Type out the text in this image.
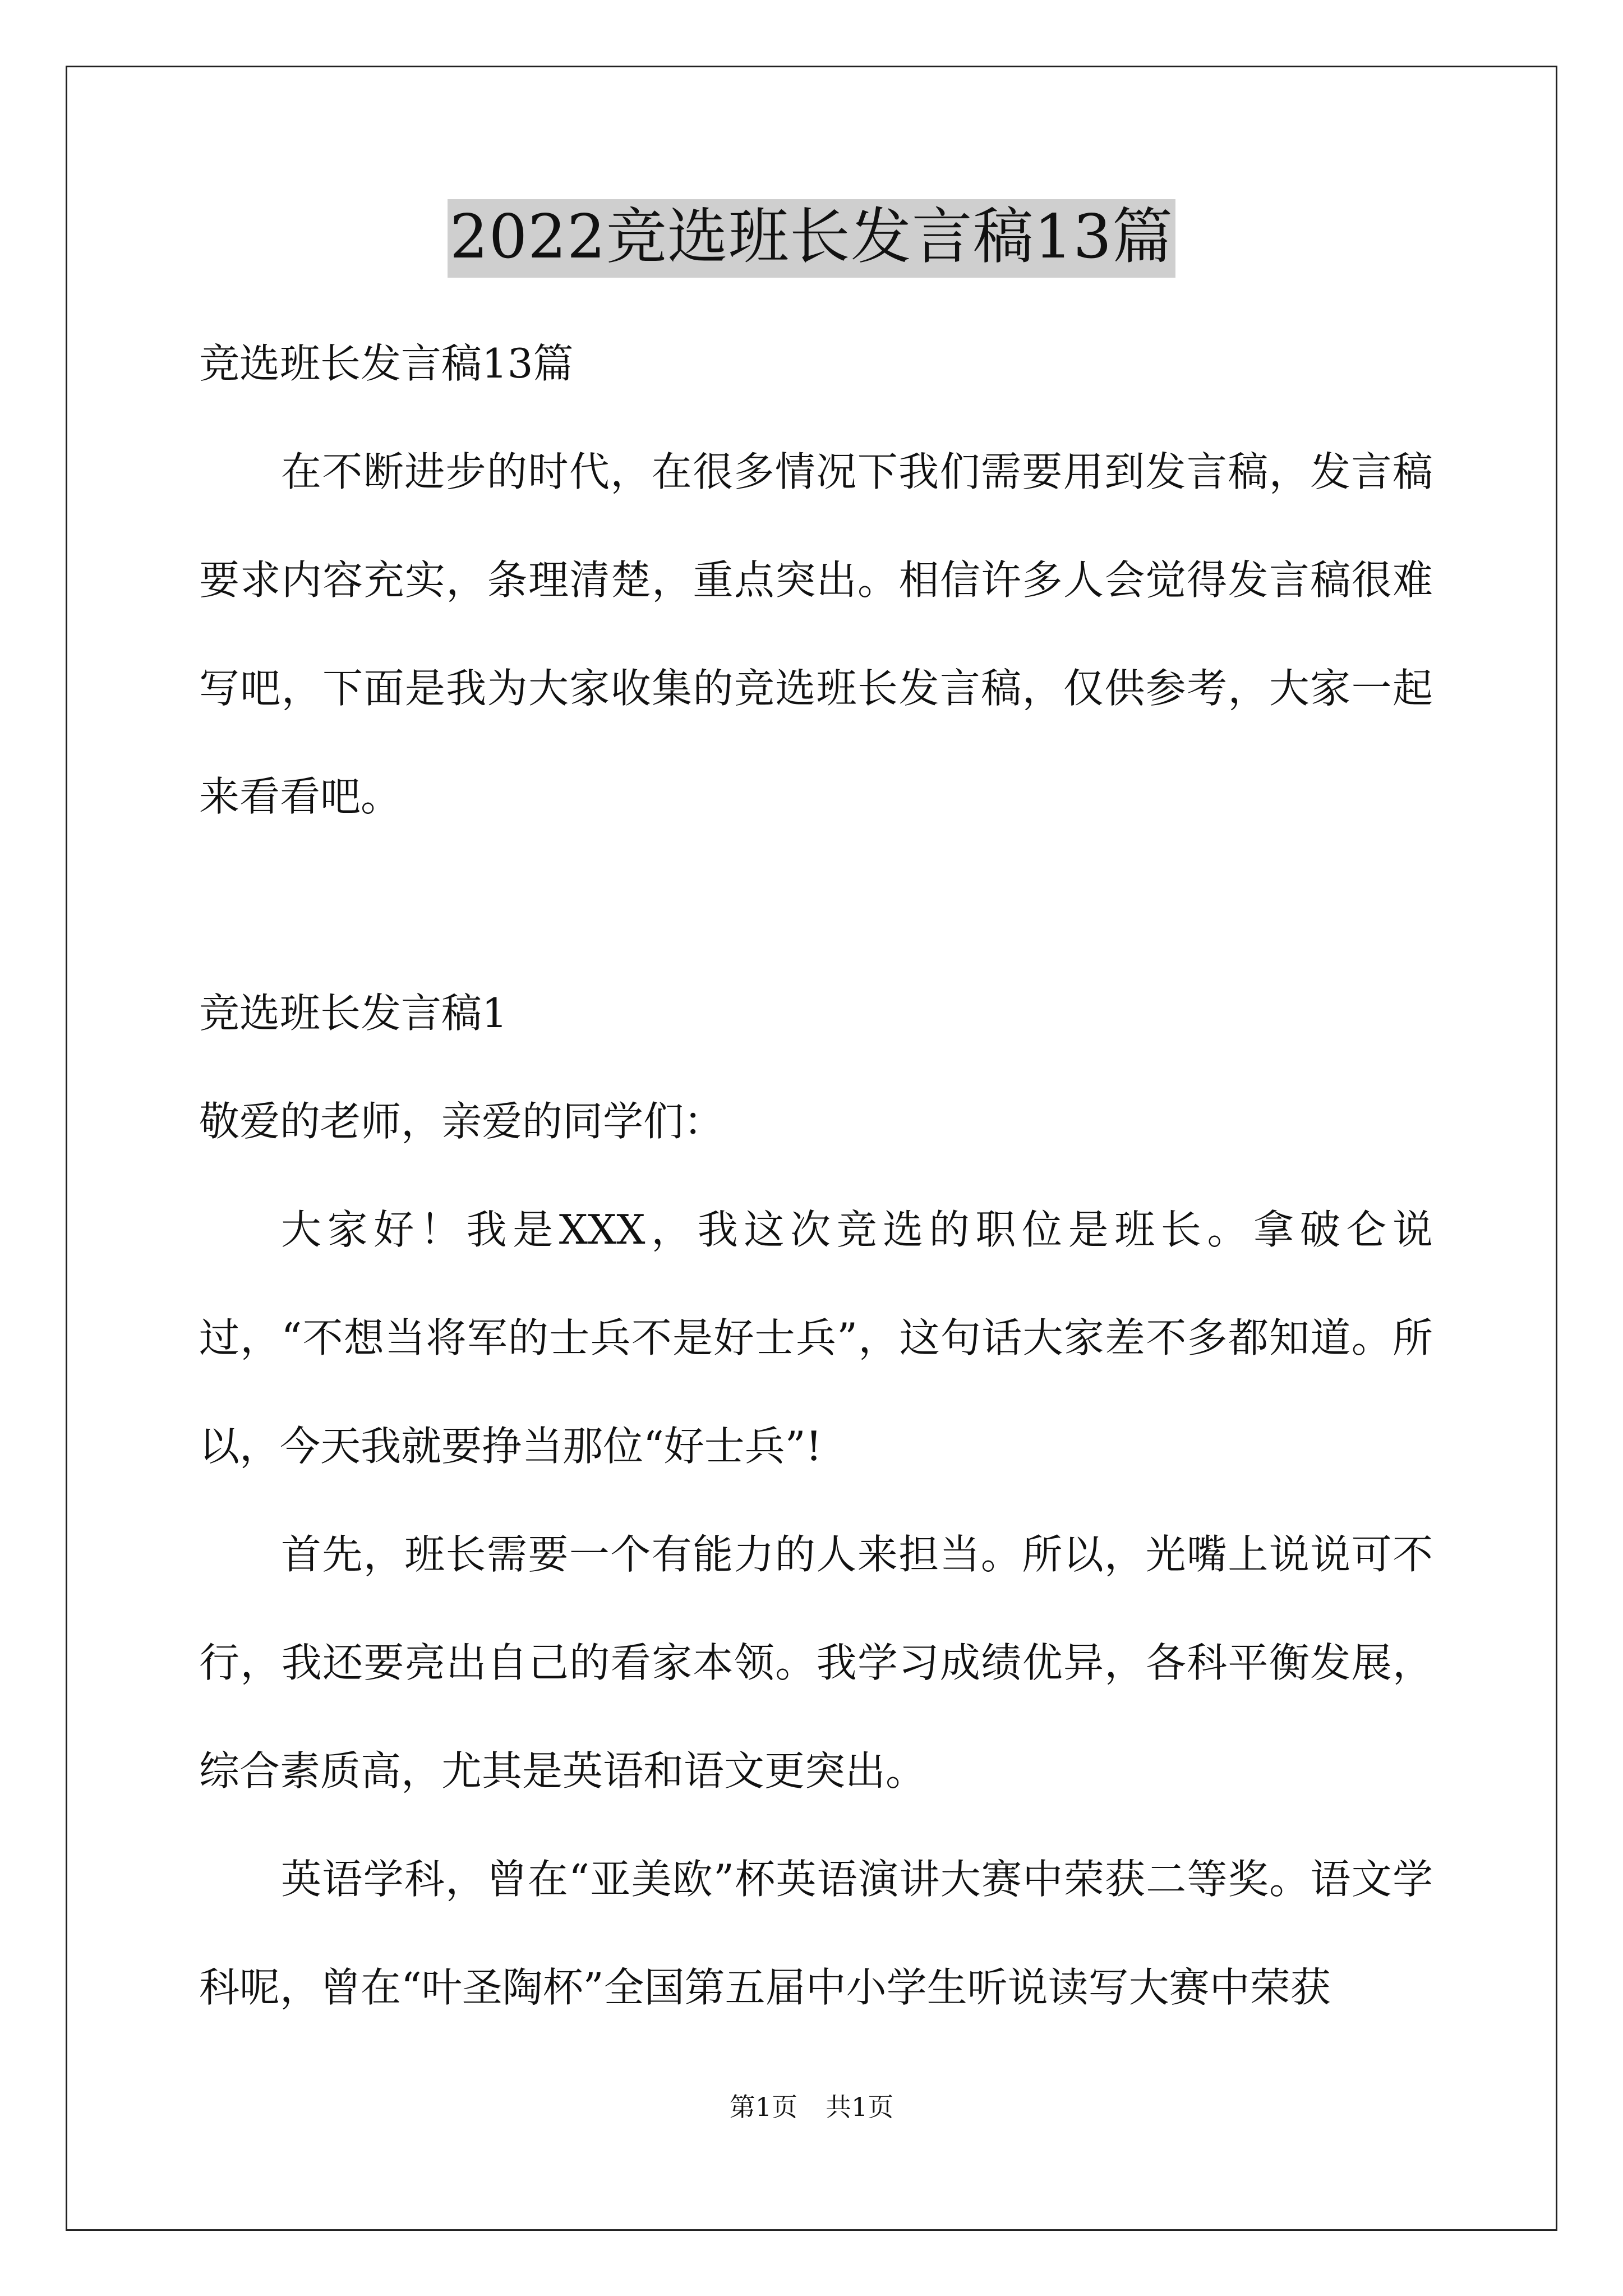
2022竞选班长发言稿13篇

竞选班长发言稿13篇

在不断进步的时代，在很多情况下我们需要用到发言稿，发言稿要求内容充实，条理清楚，重点突出。相信许多人会觉得发言稿很难写吧，下面是我为大家收集的竞选班长发言稿，仅供参考，大家一起来看看吧。

竞选班长发言稿1

敬爱的老师，亲爱的同学们：

大家好！我是XXX，我这次竞选的职位是班长。拿破仑说过，“不想当将军的士兵不是好士兵”，这句话大家差不多都知道。所以，今天我就要挣当那位“好士兵”!

首先，班长需要一个有能力的人来担当。所以，光嘴上说说可不行，我还要亮出自己的看家本领。我学习成绩优异，各科平衡发展，综合素质高，尤其是英语和语文更突出。

英语学科，曾在“亚美欧”杯英语演讲大赛中荣获二等奖。语文学科呢，曾在“叶圣陶杯”全国第五届中小学生听说读写大赛中荣获

第1页 共1页
